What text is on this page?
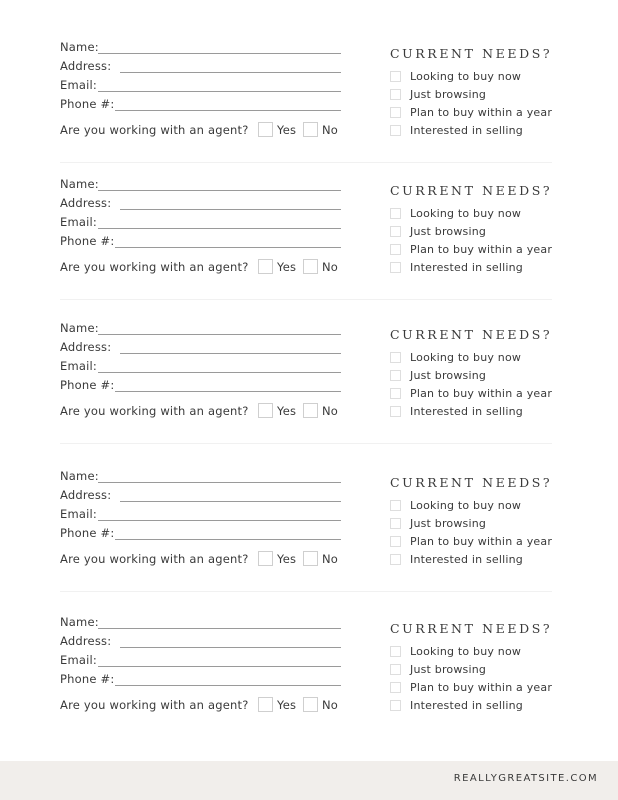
Name:
Address:
Email:
Phone #:
Are you working with an agent? Yes No
CURRENT NEEDS?
Looking to buy now
Just browsing
Plan to buy within a year
Interested in selling
Name:
Address:
Email:
Phone #:
Are you working with an agent? Yes No
CURRENT NEEDS?
Looking to buy now
Just browsing
Plan to buy within a year
Interested in selling
Name:
Address:
Email:
Phone #:
Are you working with an agent? Yes No
CURRENT NEEDS?
Looking to buy now
Just browsing
Plan to buy within a year
Interested in selling
Name:
Address:
Email:
Phone #:
Are you working with an agent? Yes No
CURRENT NEEDS?
Looking to buy now
Just browsing
Plan to buy within a year
Interested in selling
Name:
Address:
Email:
Phone #:
Are you working with an agent? Yes No
CURRENT NEEDS?
Looking to buy now
Just browsing
Plan to buy within a year
Interested in selling
REALLYGREATSITE.COM
